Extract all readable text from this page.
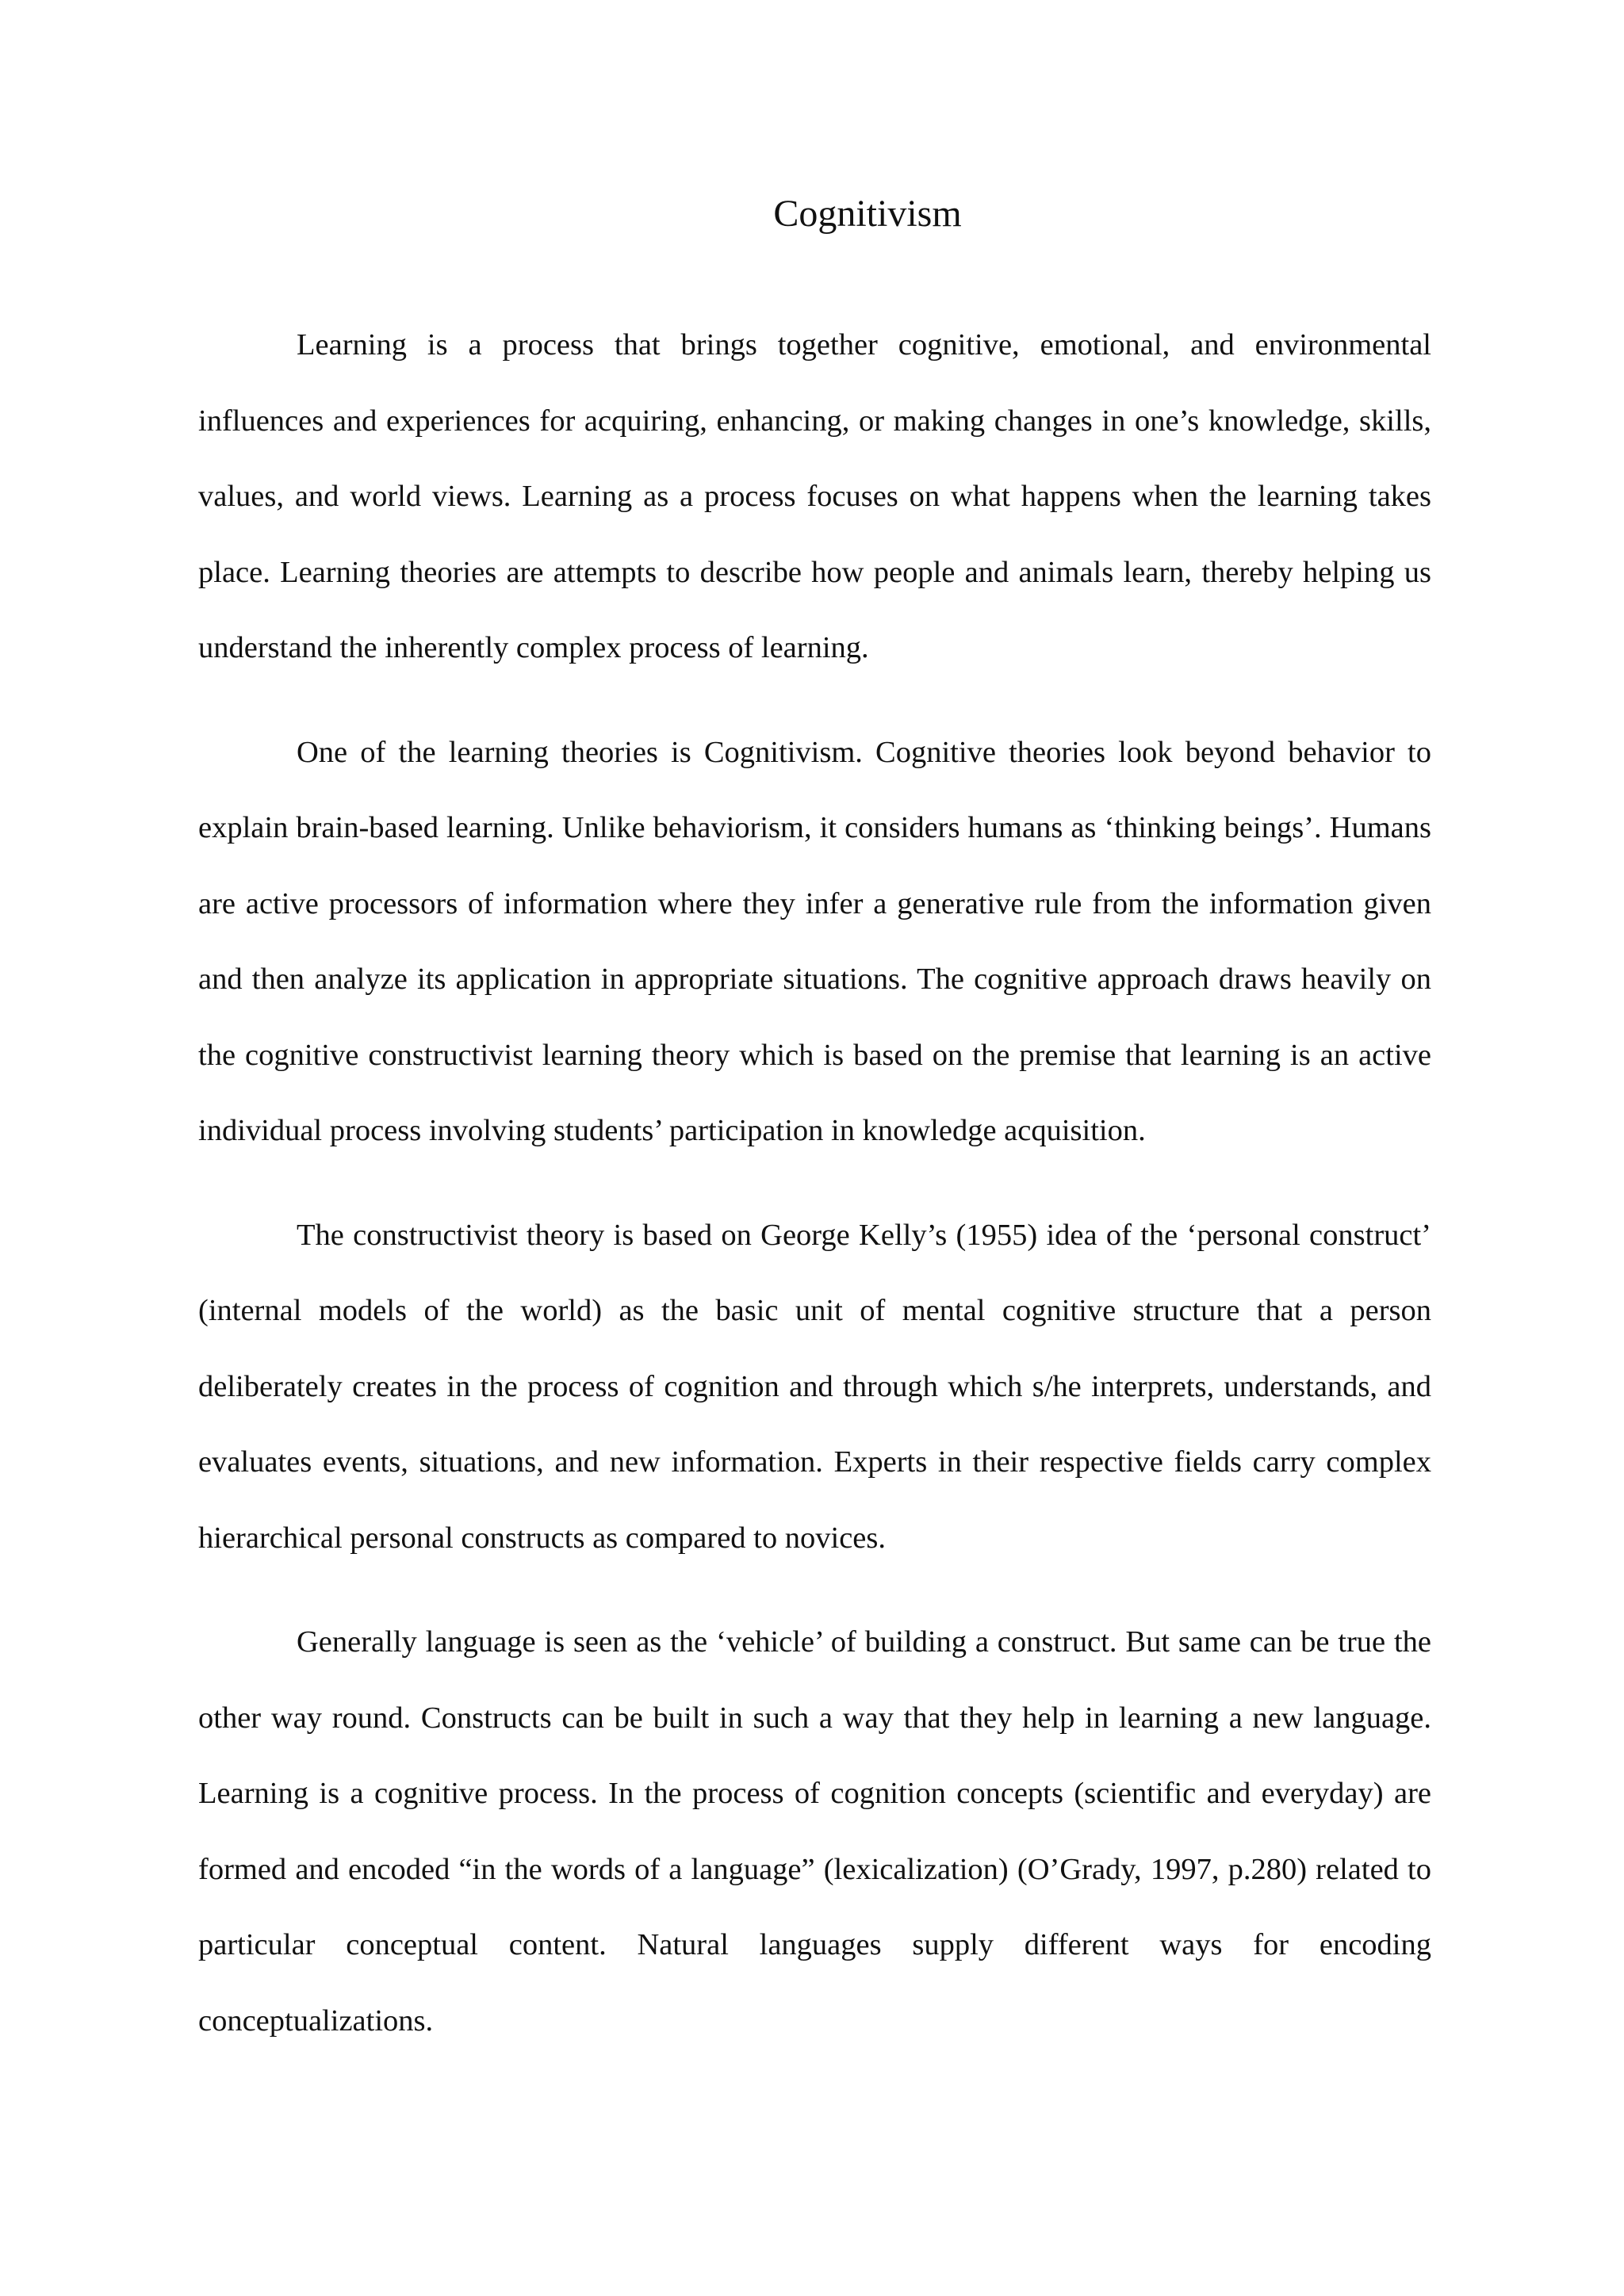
Cognitivism

Learning is a process that brings together cognitive, emotional, and environmental influences and experiences for acquiring, enhancing, or making changes in one’s knowledge, skills, values, and world views. Learning as a process focuses on what happens when the learning takes place. Learning theories are attempts to describe how people and animals learn, thereby helping us understand the inherently complex process of learning.

One of the learning theories is Cognitivism. Cognitive theories look beyond behavior to explain brain-based learning. Unlike behaviorism, it considers humans as ‘thinking beings’. Humans are active processors of information where they infer a generative rule from the information given and then analyze its application in appropriate situations. The cognitive approach draws heavily on the cognitive constructivist learning theory which is based on the premise that learning is an active individual process involving students’ participation in knowledge acquisition.

The constructivist theory is based on George Kelly’s (1955) idea of the ‘personal construct’ (internal models of the world) as the basic unit of mental cognitive structure that a person deliberately creates in the process of cognition and through which s/he interprets, understands, and evaluates events, situations, and new information. Experts in their respective fields carry complex hierarchical personal constructs as compared to novices.

Generally language is seen as the ‘vehicle’ of building a construct. But same can be true the other way round. Constructs can be built in such a way that they help in learning a new language. Learning is a cognitive process. In the process of cognition concepts (scientific and everyday) are formed and encoded “in the words of a language” (lexicalization) (O’Grady, 1997, p.280) related to particular conceptual content. Natural languages supply different ways for encoding conceptualizations.
